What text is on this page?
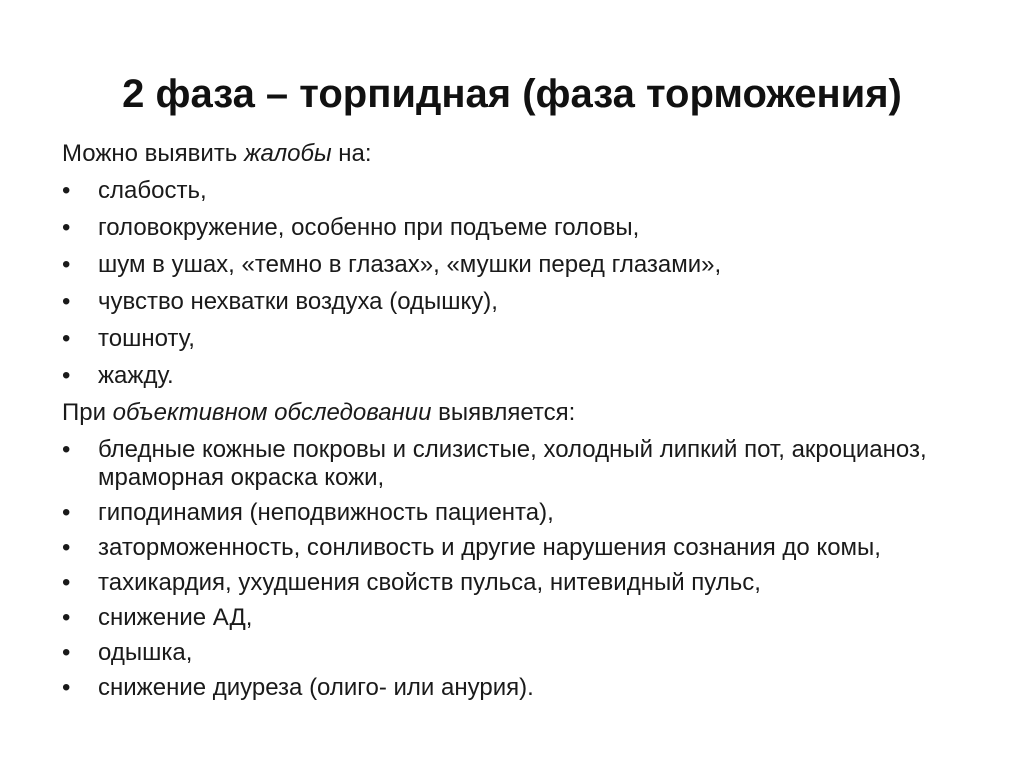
2 фаза – торпидная (фаза торможения)

Можно выявить жалобы на:

•	слабость,
•	головокружение, особенно при подъеме головы,
•	шум в ушах, «темно в глазах», «мушки перед глазами»,
•	чувство нехватки воздуха (одышку),
•	тошноту,
•	жажду.

При объективном обследовании выявляется:

•	бледные кожные покровы и слизистые, холодный липкий пот, акроцианоз, мраморная окраска кожи,
•	гиподинамия (неподвижность пациента),
•	заторможенность, сонливость и другие нарушения сознания до комы,
•	тахикардия, ухудшения свойств пульса, нитевидный пульс,
•	снижение АД,
•	одышка,
•	снижение диуреза (олиго- или анурия).
